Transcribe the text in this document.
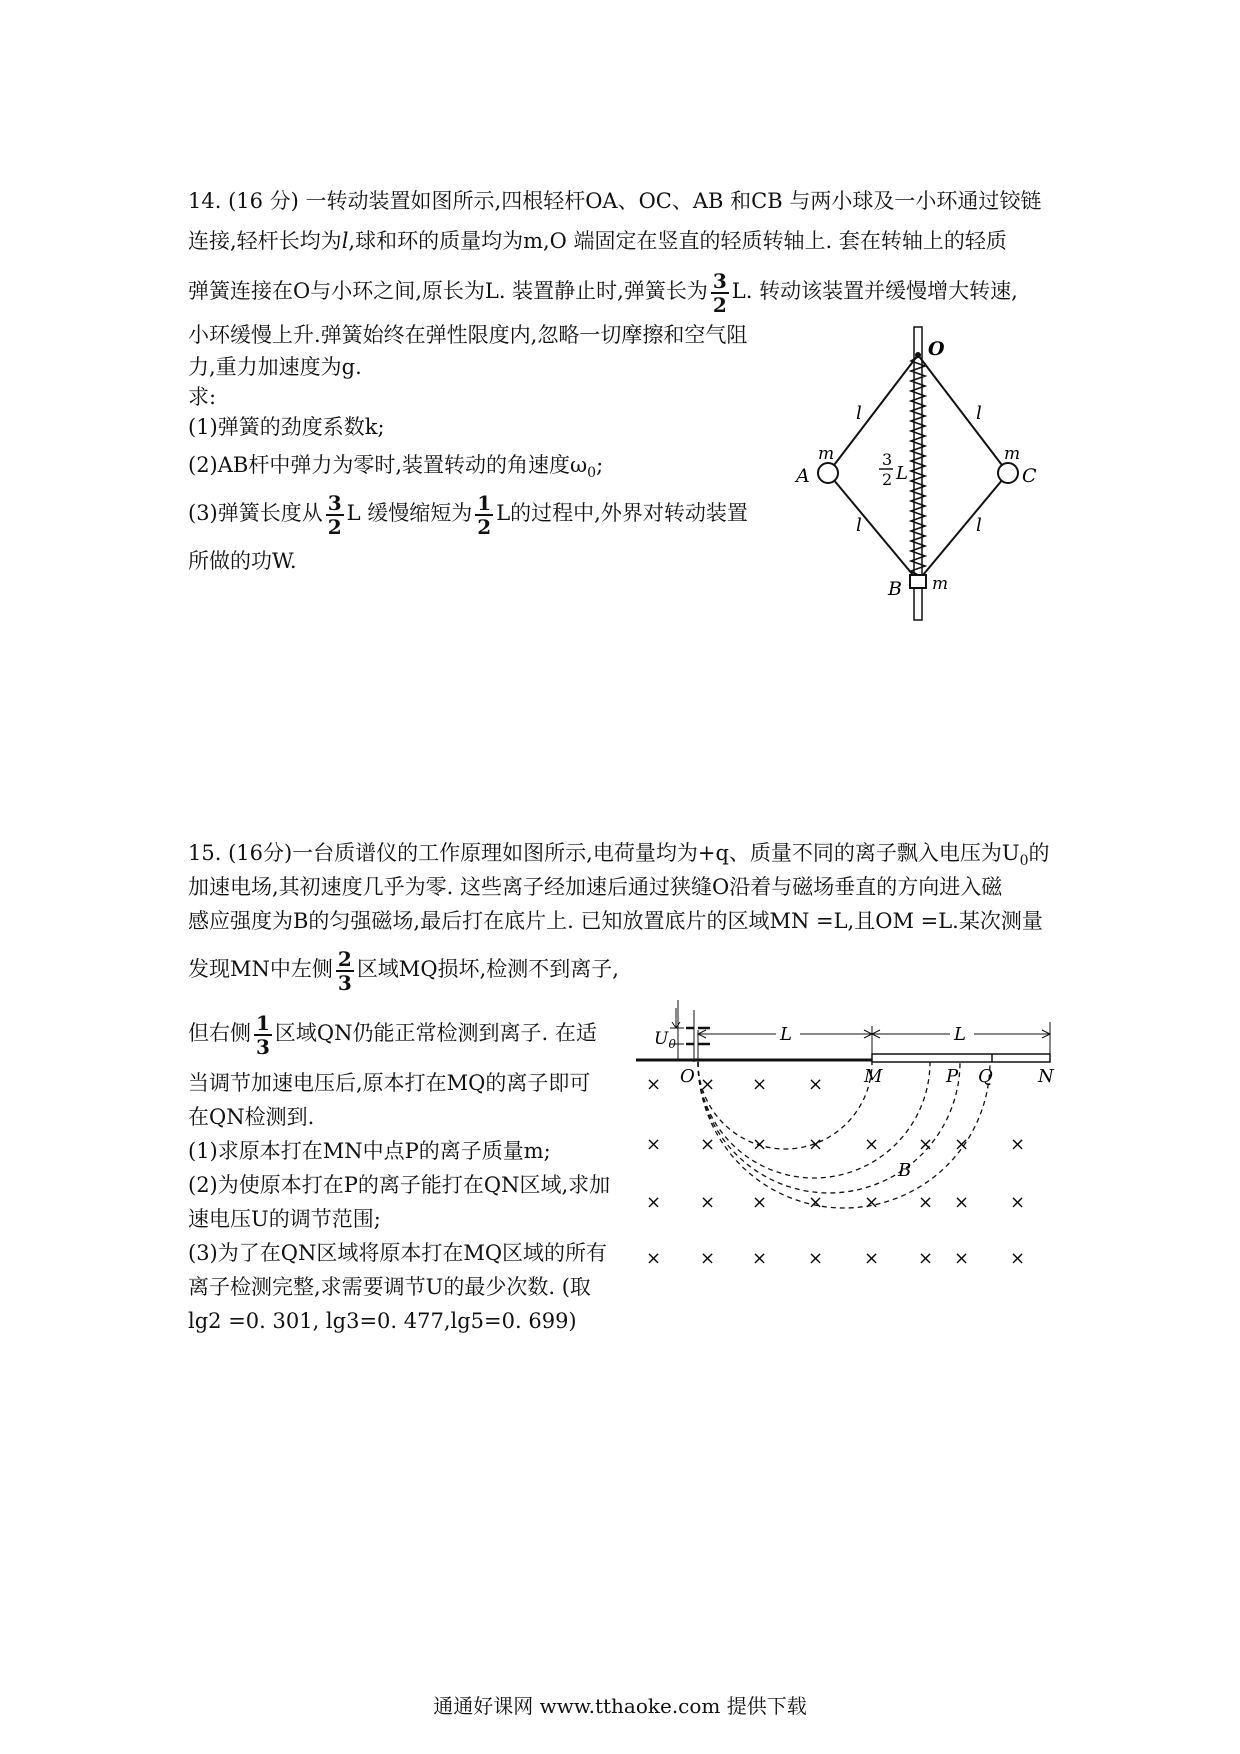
14. (16 分) 一转动装置如图所示,四根轻杆OA、OC、AB 和CB 与两小球及一小环通过铰链
连接,轻杆长均为l,球和环的质量均为m,O 端固定在竖直的轻质转轴上. 套在转轴上的轻质
弹簧连接在O与小环之间,原长为L. 装置静止时,弹簧长为 $\frac{3}{2} L$. 转动该装置并缓慢增大转速,
小环缓慢上升.弹簧始终在弹性限度内,忽略一切摩擦和空气阻
力,重力加速度为g.
求:
(1)弹簧的劲度系数k;
(2)AB杆中弹力为零时,装置转动的角速度$\omega_0$;
(3)弹簧长度从 $\frac{3}{2}$ L 缓慢缩短为 $\frac{1}{2}$ L的过程中,外界对转动装置
所做的功W.
O
A	C
B
m	m
m
l	l
l	l
3
2 L
15. (16分)一台质谱仪的工作原理如图所示,电荷量均为+q、质量不同的离子飘入电压为$U_0$的
加速电场,其初速度几乎为零. 这些离子经加速后通过狭缝O沿着与磁场垂直的方向进入磁
感应强度为B的匀强磁场,最后打在底片上. 已知放置底片的区域MN =L,且OM =L.某次测量
发现MN中左侧 $\frac{2}{3}$ 区域MQ损坏,检测不到离子,
但右侧 $\frac{1}{3}$ 区域QN仍能正常检测到离子. 在适
当调节加速电压后,原本打在MQ的离子即可
在QN检测到.
(1)求原本打在MN中点P的离子质量m;
(2)为使原本打在P的离子能打在QN区域,求加
速电压U的调节范围;
(3)为了在QN区域将原本打在MQ区域的所有
离子检测完整,求需要调节U的最少次数. (取
lg2 =0. 301, lg3=0. 477,lg5=0. 699)
$U_0$	L	L
O	M	P Q	N
B
× × × ×
× × × × × × × ×
× × × × × × × ×
× × × × × × × ×
通通好课网 www.tthaoke.com 提供下载
